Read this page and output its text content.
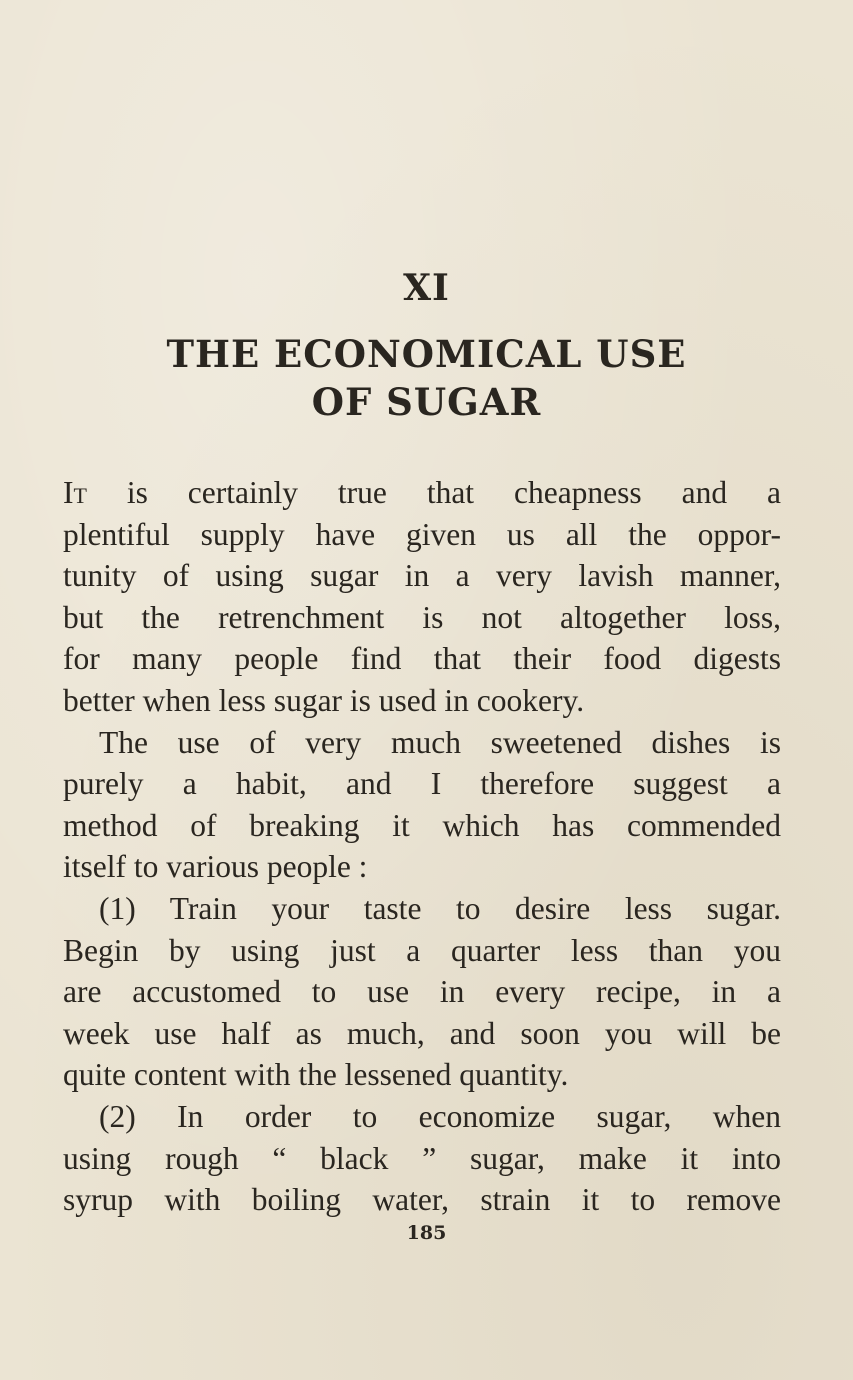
XI
THE ECONOMICAL USE
OF SUGAR
It is certainly true that cheapness and a
plentiful supply have given us all the oppor-
tunity of using sugar in a very lavish manner,
but the retrenchment is not altogether loss,
for many people find that their food digests
better when less sugar is used in cookery.
The use of very much sweetened dishes is
purely a habit, and I therefore suggest a
method of breaking it which has commended
itself to various people :
(1) Train your taste to desire less sugar.
Begin by using just a quarter less than you
are accustomed to use in every recipe, in a
week use half as much, and soon you will be
quite content with the lessened quantity.
(2) In order to economize sugar, when
using rough “ black ” sugar, make it into
syrup with boiling water, strain it to remove
185
